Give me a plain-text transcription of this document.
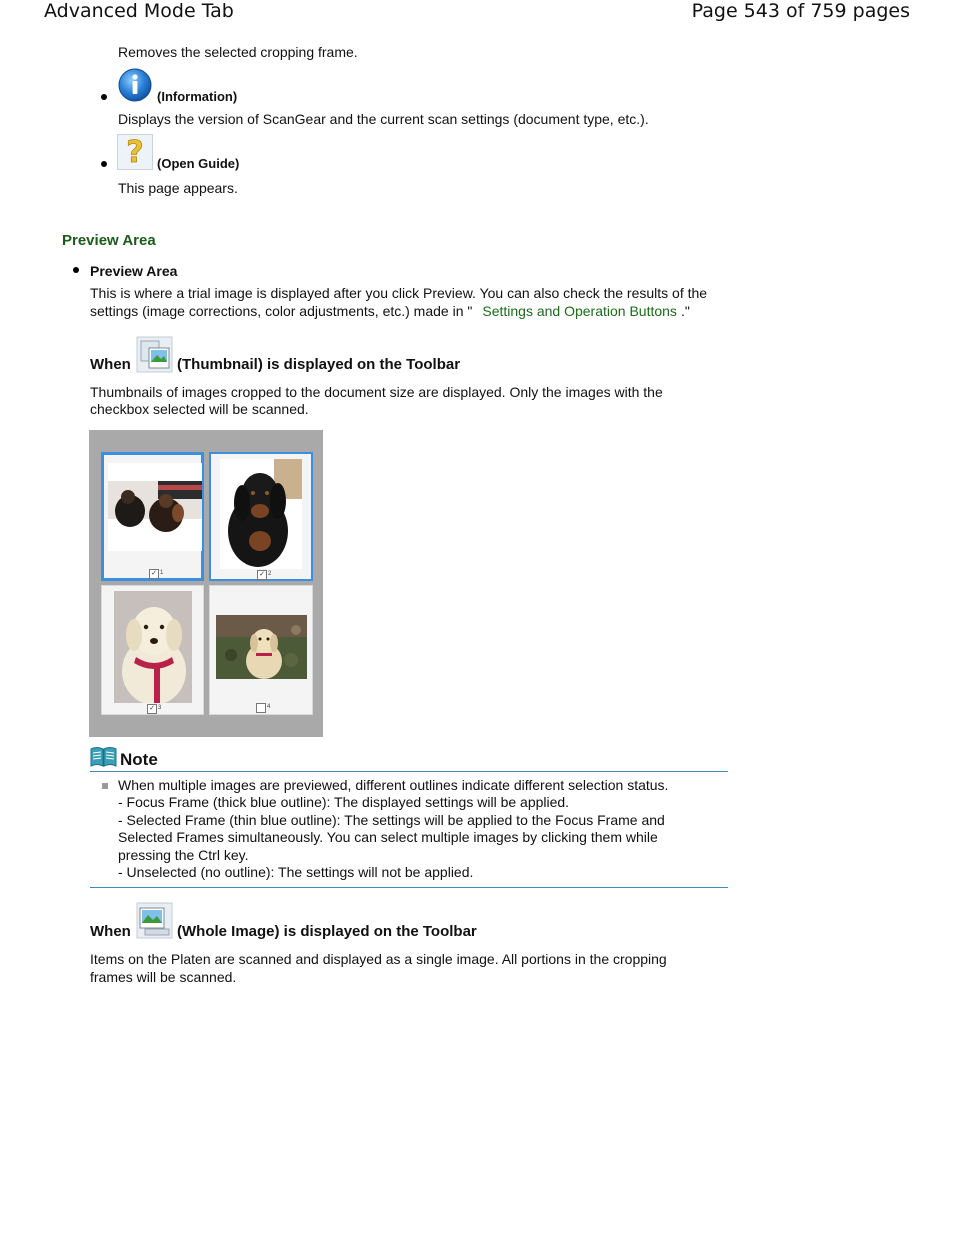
Advanced Mode Tab	Page 543 of 759 pages
Removes the selected cropping frame.
(Information)
Displays the version of ScanGear and the current scan settings (document type, etc.).
? (Open Guide)
This page appears.
Preview Area
Preview Area
This is where a trial image is displayed after you click Preview. You can also check the results of the
settings (image corrections, color adjustments, etc.) made in " Settings and Operation Buttons ."
When	(Thumbnail) is displayed on the Toolbar
Thumbnails of images cropped to the document size are displayed. Only the images with the
checkbox selected will be scanned.
✓ 1	✓ 2
✓ 3	4
Note
When multiple images are previewed, different outlines indicate different selection status.
- Focus Frame (thick blue outline): The displayed settings will be applied.
- Selected Frame (thin blue outline): The settings will be applied to the Focus Frame and
Selected Frames simultaneously. You can select multiple images by clicking them while
pressing the Ctrl key.
- Unselected (no outline): The settings will not be applied.
When	(Whole Image) is displayed on the Toolbar
Items on the Platen are scanned and displayed as a single image. All portions in the cropping
frames will be scanned.
